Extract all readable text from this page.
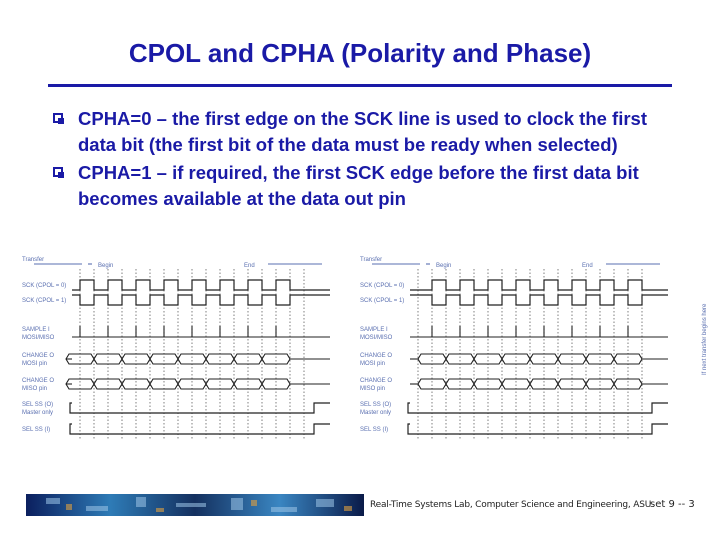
CPOL and CPHA (Polarity and Phase)
CPHA=0 – the first edge on the SCK line is used to clock the first data bit (the first bit of the data must be ready when selected)
CPHA=1 – if required, the first SCK edge before the first data bit becomes available at the data out pin
Transfer
Begin	End
SCK (CPOL = 0)
SCK (CPOL = 1)
SAMPLE I
MOSI/MISO
CHANGE O
MOSI pin
CHANGE O
MISO pin
SEL SS (O)
Master only
SEL SS (I)
Transfer
Begin	End
SCK (CPOL = 0)
SCK (CPOL = 1)
SAMPLE I
MOSI/MISO
CHANGE O
MOSI pin
CHANGE O
MISO pin
SEL SS (O)
Master only
SEL SS (I)
If next transfer begins here
Real-Time Systems Lab, Computer Science and Engineering, ASU
set 9 -- 3
